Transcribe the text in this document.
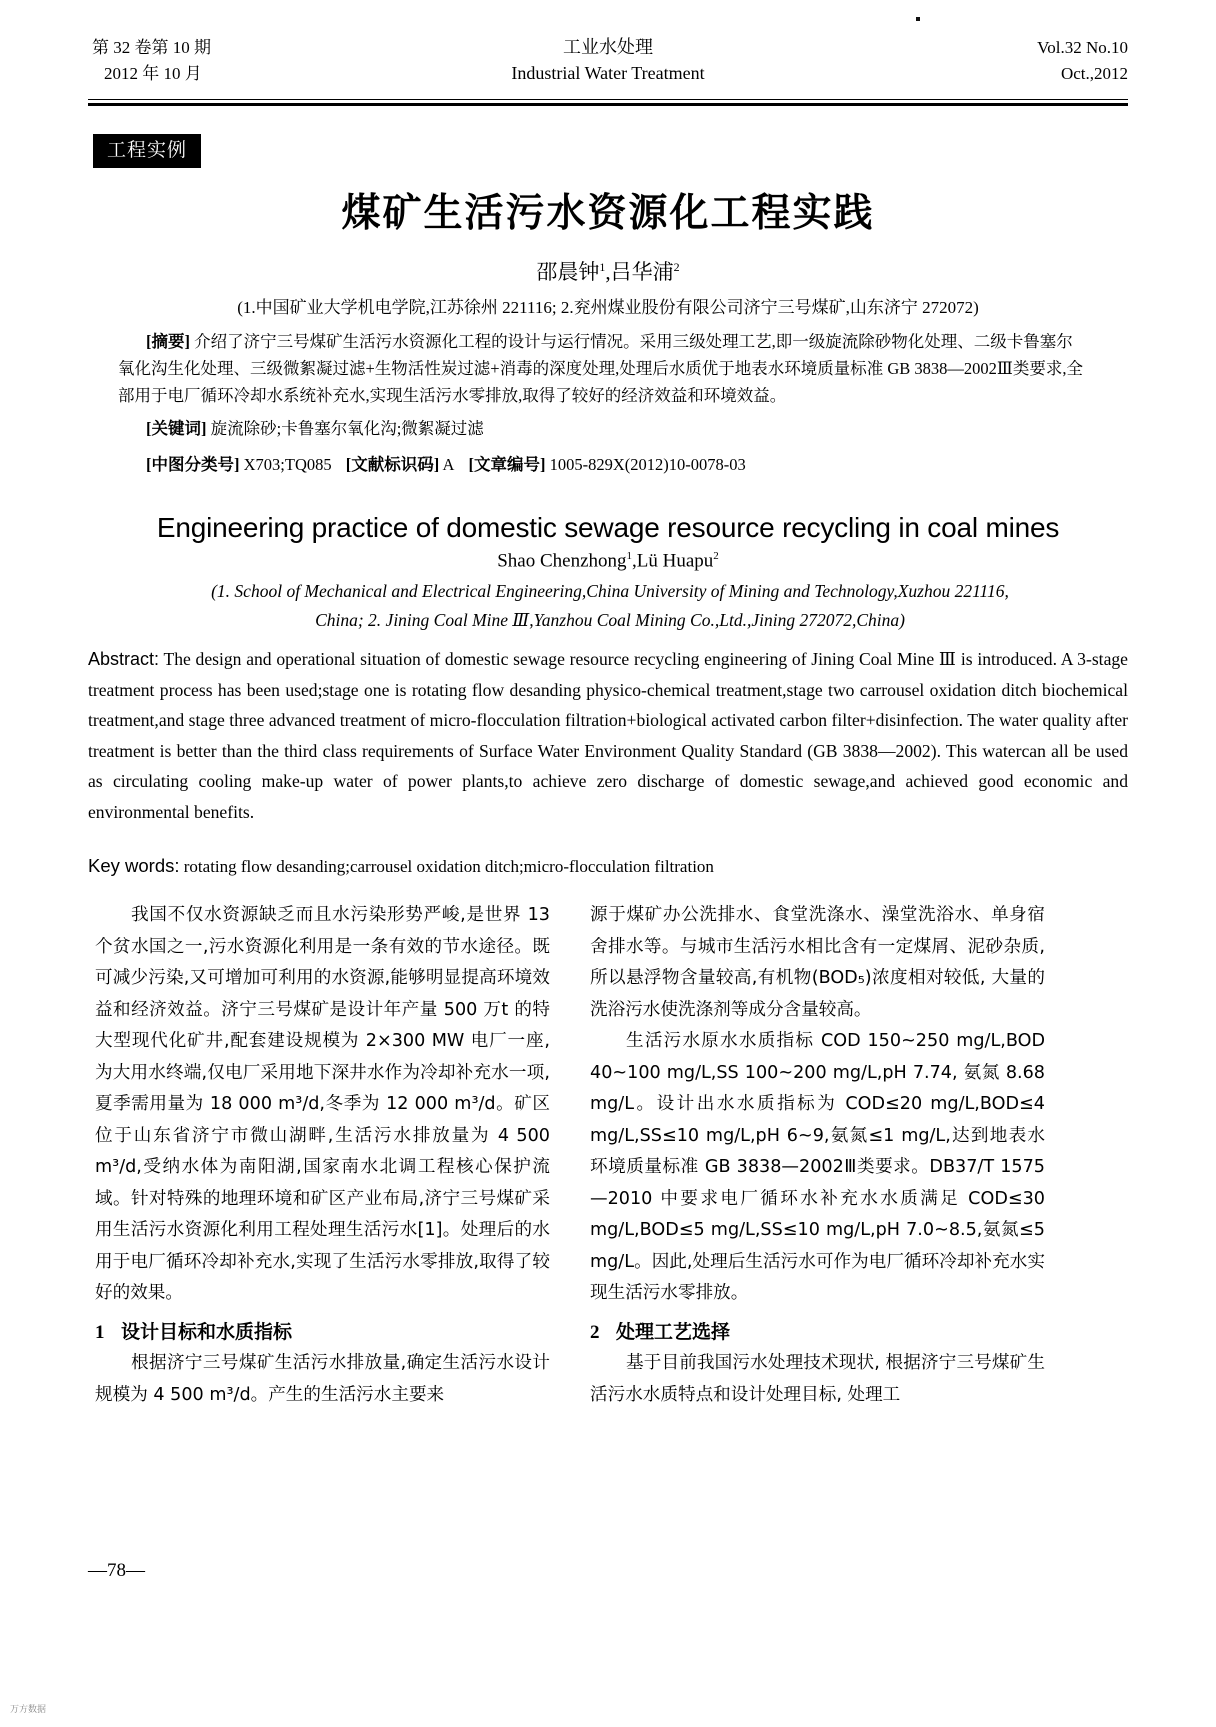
第 32 卷第 10 期	工业水处理	Vol.32 No.10
2012 年 10 月	Industrial Water Treatment	Oct.,2012
工程实例
煤矿生活污水资源化工程实践
邵晨钟$^1$,吕华浦$^2$
(1.中国矿业大学机电学院,江苏徐州 221116; 2.兖州煤业股份有限公司济宁三号煤矿,山东济宁 272072)

[摘要] 介绍了济宁三号煤矿生活污水资源化工程的设计与运行情况。采用三级处理工艺,即一级旋流除砂物化处理、二级卡鲁塞尔氧化沟生化处理、三级微絮凝过滤+生物活性炭过滤+消毒的深度处理,处理后水质优于地表水环境质量标准 GB 3838—2002Ⅲ类要求,全部用于电厂循环冷却水系统补充水,实现生活污水零排放,取得了较好的经济效益和环境效益。

[关键词] 旋流除砂;卡鲁塞尔氧化沟;微絮凝过滤

[中图分类号] X703;TQ085 [文献标识码] A [文章编号] 1005-829X(2012)10-0078-03

Engineering practice of domestic sewage resource recycling in coal mines
Shao Chenzhong$^1$,Lü Huapu$^2$
(1. School of Mechanical and Electrical Engineering,China University of Mining and Technology,Xuzhou 221116,
China; 2. Jining Coal Mine Ⅲ,Yanzhou Coal Mining Co.,Ltd.,Jining 272072,China)

Abstract: The design and operational situation of domestic sewage resource recycling engineering of Jining Coal Mine Ⅲ is introduced. A 3-stage treatment process has been used;stage one is rotating flow desanding physico-chemical treatment,stage two carrousel oxidation ditch biochemical treatment,and stage three advanced treatment of micro-flocculation filtration+biological activated carbon filter+disinfection. The water quality after treatment is better than the third class requirements of Surface Water Environment Quality Standard (GB 3838—2002). This watercan all be used as circulating cooling make-up water of power plants,to achieve zero discharge of domestic sewage,and achieved good economic and environmental benefits.

Key words: rotating flow desanding;carrousel oxidation ditch;micro-flocculation filtration

我国不仅水资源缺乏而且水污染形势严峻,是世界 13 个贫水国之一,污水资源化利用是一条有效的节水途径。既可减少污染,又可增加可利用的水资源,能够明显提高环境效益和经济效益。济宁三号煤矿是设计年产量 500 万t 的特大型现代化矿井,配套建设规模为 2×300 MW 电厂一座, 为大用水终端,仅电厂采用地下深井水作为冷却补充水一项,夏季需用量为 18 000 m³/d,冬季为 12 000 m³/d。矿区位于山东省济宁市微山湖畔,生活污水排放量为 4 500 m³/d,受纳水体为南阳湖,国家南水北调工程核心保护流域。针对特殊的地理环境和矿区产业布局,济宁三号煤矿采用生活污水资源化利用工程处理生活污水[1]。处理后的水用于电厂循环冷却补充水,实现了生活污水零排放,取得了较好的效果。

1 设计目标和水质指标

根据济宁三号煤矿生活污水排放量,确定生活污水设计规模为 4 500 m³/d。产生的生活污水主要来

源于煤矿办公洗排水、食堂洗涤水、澡堂洗浴水、单身宿舍排水等。与城市生活污水相比含有一定煤屑、泥砂杂质,所以悬浮物含量较高,有机物(BOD₅)浓度相对较低, 大量的洗浴污水使洗涤剂等成分含量较高。

生活污水原水水质指标 COD 150~250 mg/L,BOD 40~100 mg/L,SS 100~200 mg/L,pH 7.74, 氨氮 8.68 mg/L。设计出水水质指标为 COD≤20 mg/L,BOD≤4 mg/L,SS≤10 mg/L,pH 6~9,氨氮≤1 mg/L,达到地表水环境质量标准 GB 3838—2002Ⅲ类要求。DB37/T 1575—2010 中要求电厂循环水补充水水质满足 COD≤30 mg/L,BOD≤5 mg/L,SS≤10 mg/L,pH 7.0~8.5,氨氮≤5 mg/L。因此,处理后生活污水可作为电厂循环冷却补充水实现生活污水零排放。

2 处理工艺选择

基于目前我国污水处理技术现状, 根据济宁三号煤矿生活污水水质特点和设计处理目标, 处理工

—78—
万方数据
